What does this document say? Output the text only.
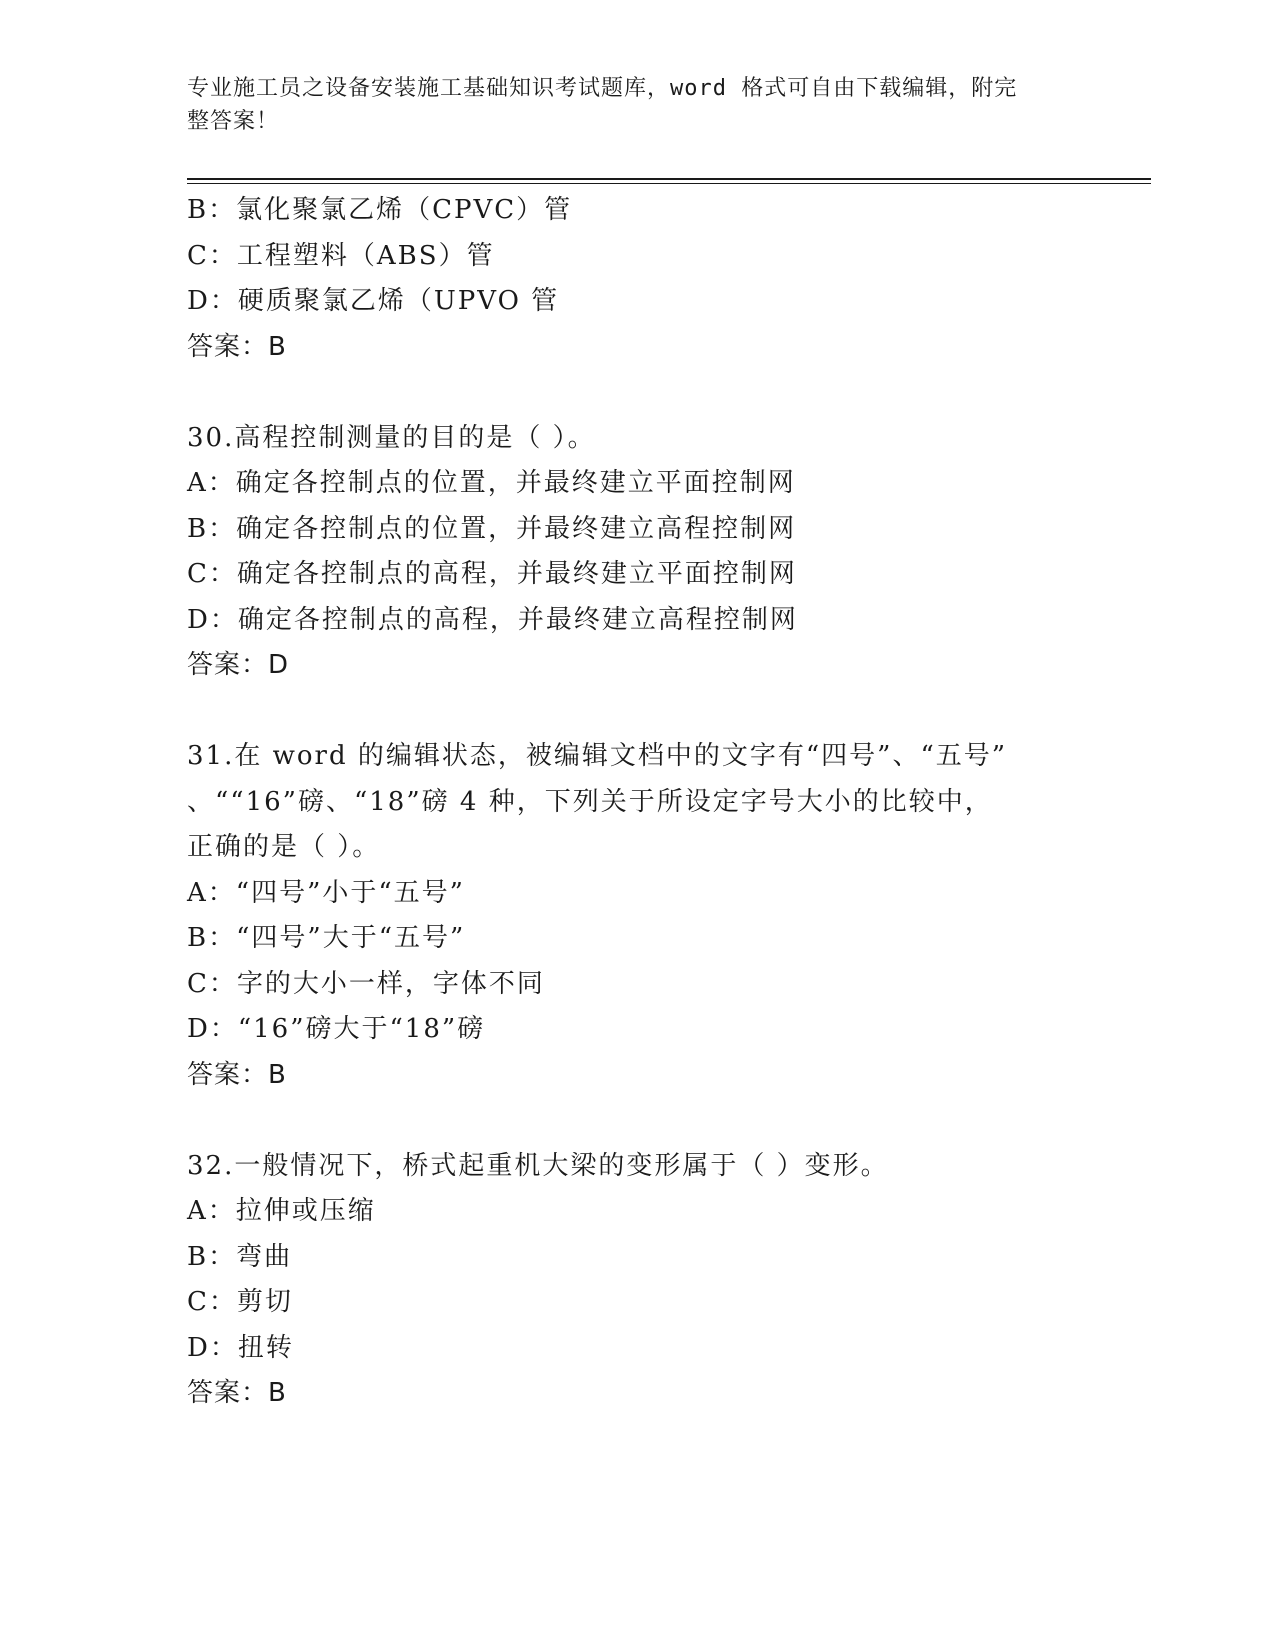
专业施工员之设备安装施工基础知识考试题库，word 格式可自由下载编辑，附完
整答案！
B：氯化聚氯乙烯（CPVC）管
C：工程塑料（ABS）管
D：硬质聚氯乙烯（UPVO 管
答案：B
30.高程控制测量的目的是（ ）。
A：确定各控制点的位置，并最终建立平面控制网
B：确定各控制点的位置，并最终建立高程控制网
C：确定各控制点的高程，并最终建立平面控制网
D：确定各控制点的高程，并最终建立高程控制网
答案：D
31.在 word 的编辑状态，被编辑文档中的文字有“四号”、“五号”
、““16”磅、“18”磅 4 种，下列关于所设定字号大小的比较中，
正确的是（ ）。
A：“四号”小于“五号”
B：“四号”大于“五号”
C：字的大小一样，字体不同
D：“16”磅大于“18”磅
答案：B
32.一般情况下，桥式起重机大梁的变形属于（ ）变形。
A：拉伸或压缩
B：弯曲
C：剪切
D：扭转
答案：B
